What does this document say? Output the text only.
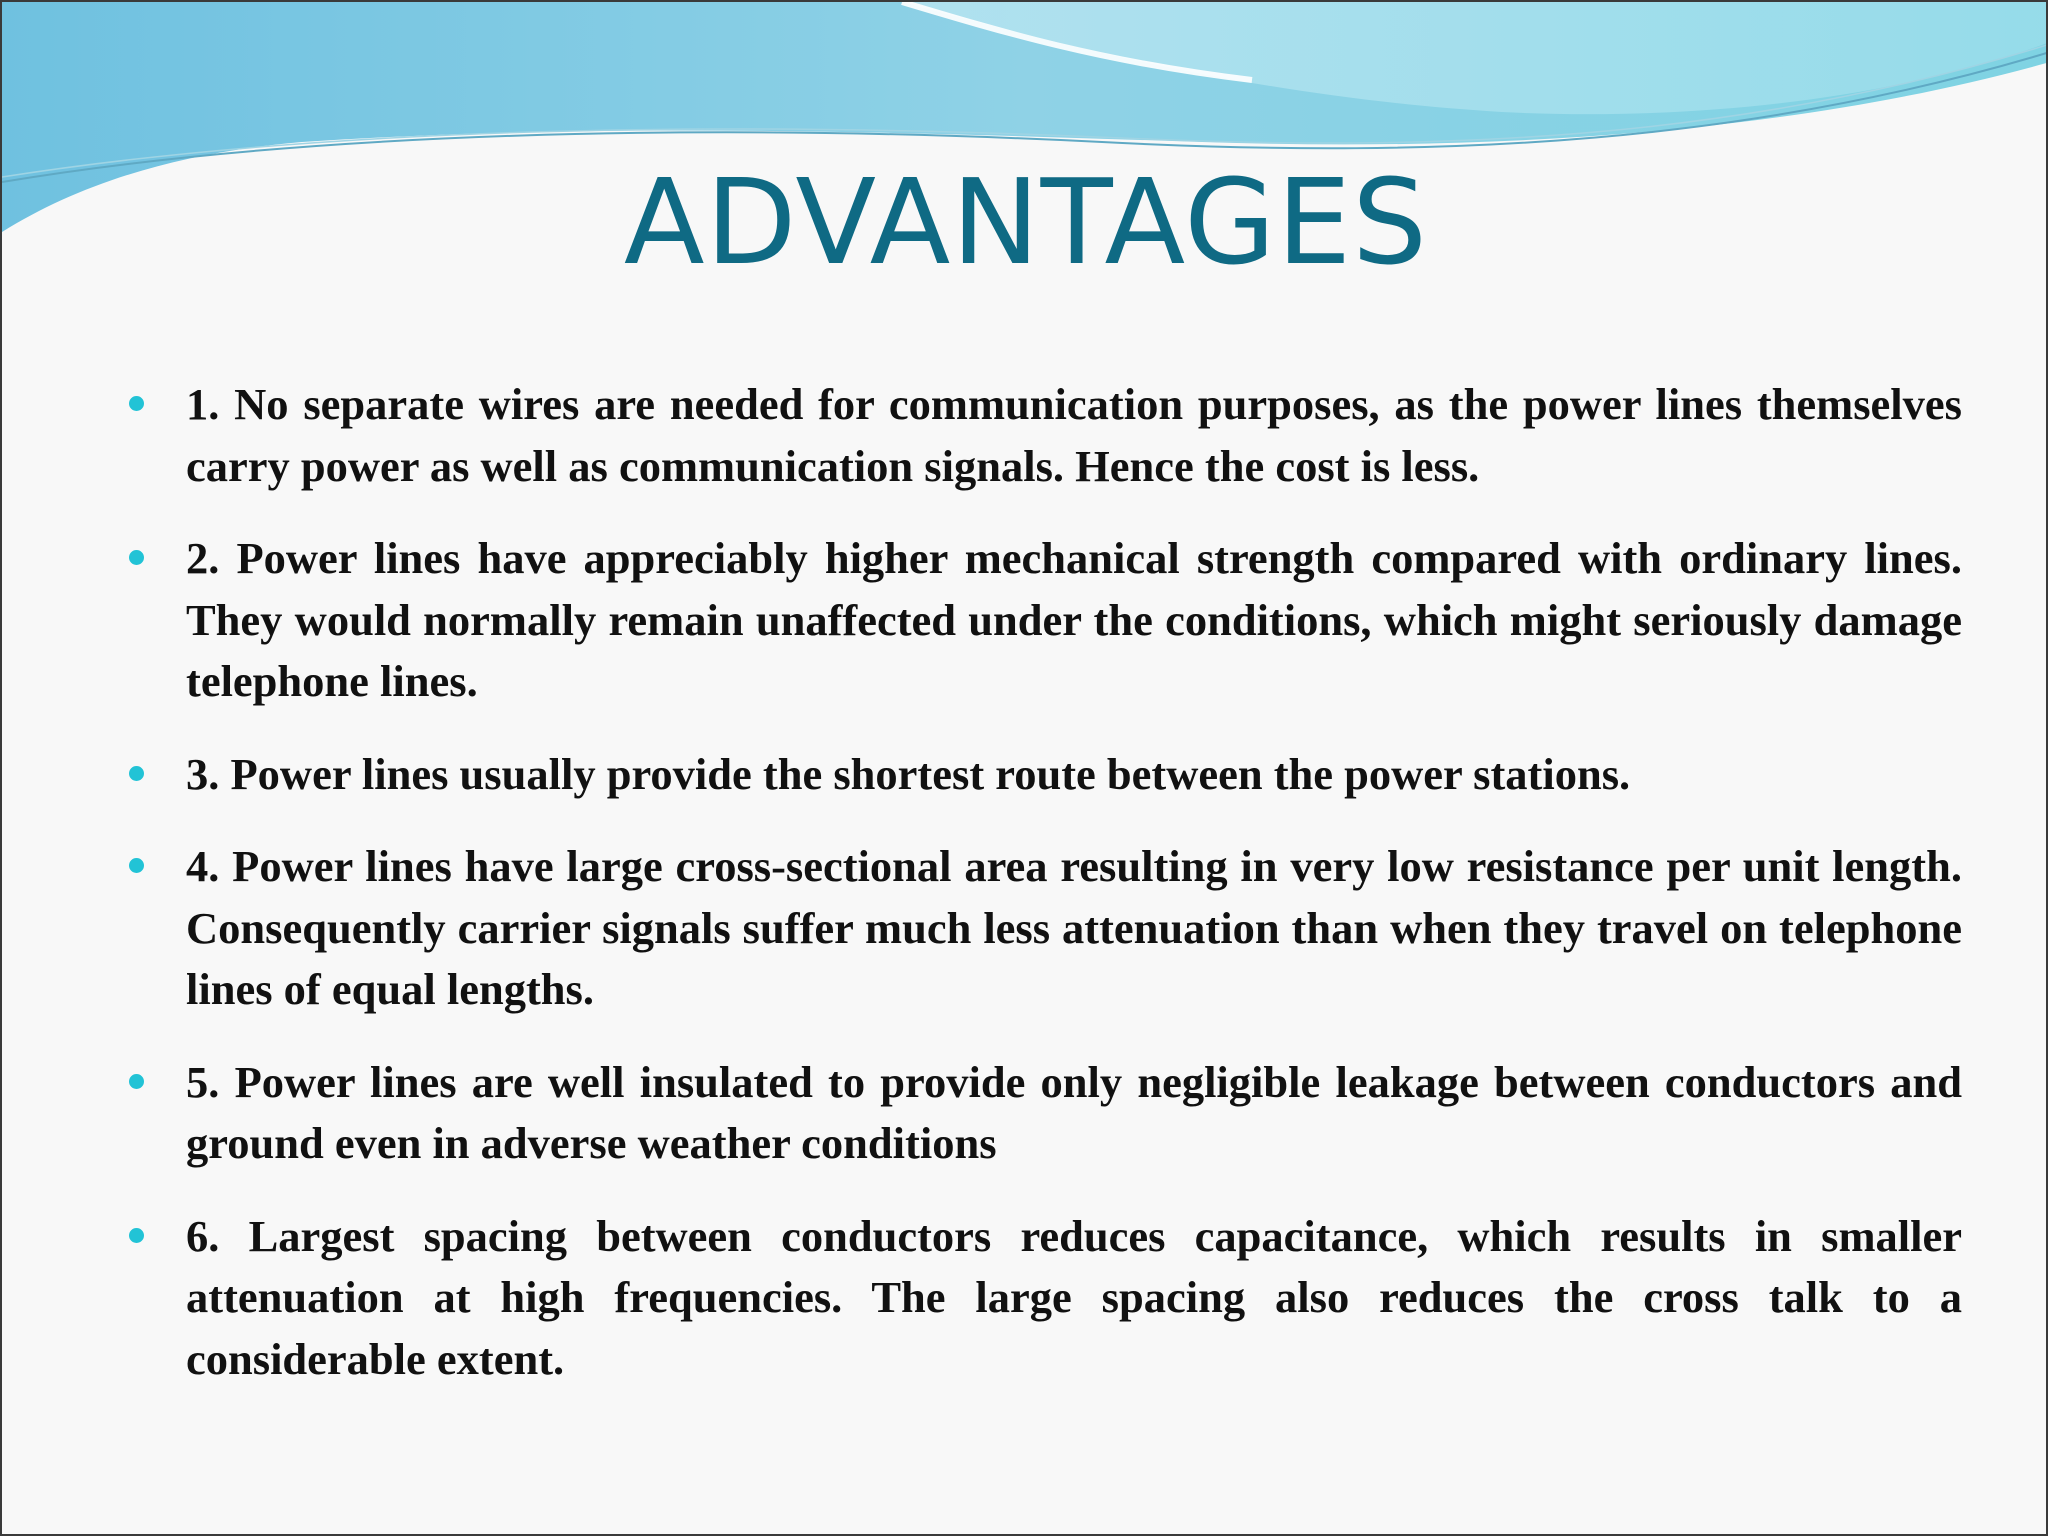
ADVANTAGES
1. No separate wires are needed for communication purposes, as the power lines themselves carry power as well as communication signals. Hence the cost is less.
2. Power lines have appreciably higher mechanical strength compared with ordinary lines. They would normally remain unaffected under the conditions, which might seriously damage telephone lines.
3. Power lines usually provide the shortest route between the power stations.
4. Power lines have large cross-sectional area resulting in very low resistance per unit length. Consequently carrier signals suffer much less attenuation than when they travel on telephone lines of equal lengths.
5. Power lines are well insulated to provide only negligible leakage between conductors and ground even in adverse weather conditions
6. Largest spacing between conductors reduces capacitance, which results in smaller attenuation at high frequencies. The large spacing also reduces the cross talk to a considerable extent.
